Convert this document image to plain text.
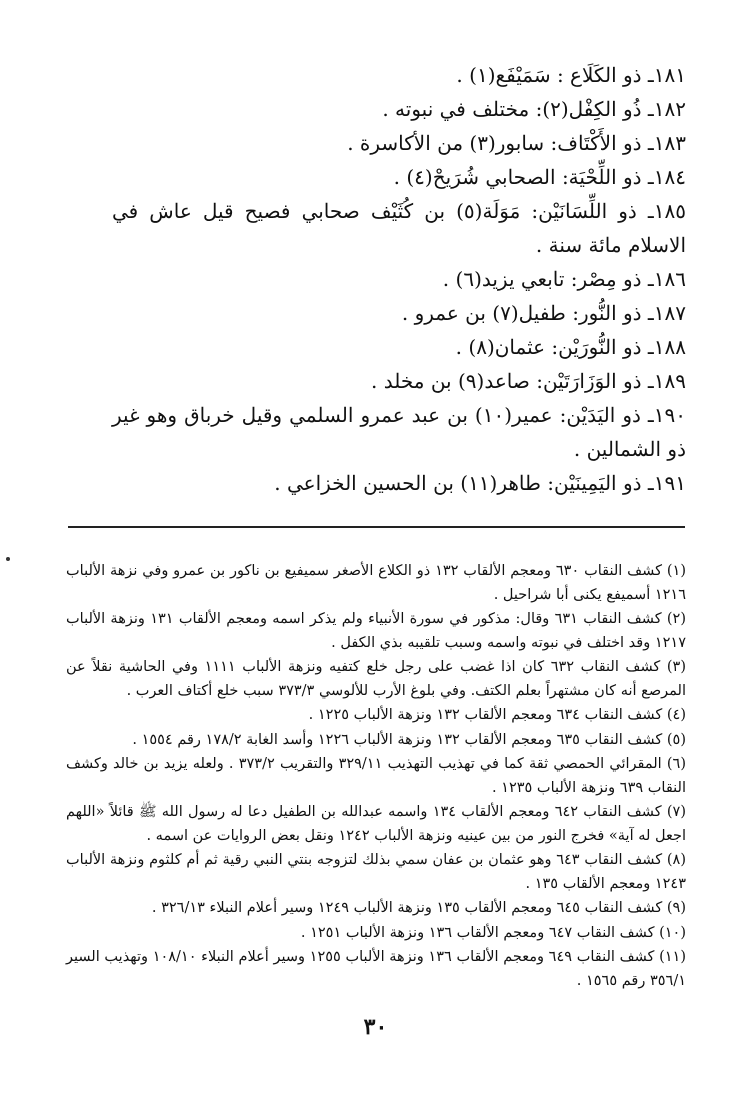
١٨١ـ ذو الكَلَاع : سَمَيْفَع(١) .

١٨٢ـ ذُو الكِفْل(٢): مختلف في نبوته .

١٨٣ـ ذو الأَكْتَاف: سابور(٣) من الأكاسرة .

١٨٤ـ ذو اللِّحْيَة: الصحابي شُرَيحْ(٤) .

١٨٥ـ ذو اللِّسَانَيْن: مَوَلَة(٥) بن كُثَيْف صحابي فصيح قيل عاش في الاسلام مائة سنة .

١٨٦ـ ذو مِصْر: تابعي يزيد(٦) .

١٨٧ـ ذو النُّور: طفيل(٧) بن عمرو .

١٨٨ـ ذو النُّورَيْن: عثمان(٨) .

١٨٩ـ ذو الوَزَارَتَيْن: صاعد(٩) بن مخلد .

١٩٠ـ ذو اليَدَيْن: عمير(١٠) بن عبد عمرو السلمي وقيل خرباق وهو غير ذو الشمالين .

١٩١ـ ذو اليَمِينَيْن: طاهر(١١) بن الحسين الخزاعي .

(١) كشف النقاب ٦٣٠ ومعجم الألقاب ١٣٢ ذو الكلاع الأصغر سميفيع بن ناكور بن عمرو وفي نزهة الألباب ١٢١٦ أسميفع يكنى أبا شراحيل .

(٢) كشف النقاب ٦٣١ وقال: مذكور في سورة الأنبياء ولم يذكر اسمه ومعجم الألقاب ١٣١ ونزهة الألباب ١٢١٧ وقد اختلف في نبوته واسمه وسبب تلقيبه بذي الكفل .

(٣) كشف النقاب ٦٣٢ كان اذا غضب على رجل خلع كتفيه ونزهة الألباب ١١١١ وفي الحاشية نقلاً عن المرصع أنه كان مشتهراً بعلم الكتف. وفي بلوغ الأرب للألوسي ٣٧٣/٣ سبب خلع أكتاف العرب .

(٤) كشف النقاب ٦٣٤ ومعجم الألقاب ١٣٢ ونزهة الألباب ١٢٢٥ .

(٥) كشف النقاب ٦٣٥ ومعجم الألقاب ١٣٢ ونزهة الألباب ١٢٢٦ وأسد الغابة ١٧٨/٢ رقم ١٥٥٤ .

(٦) المقرائي الحمصي ثقة كما في تهذيب التهذيب ٣٢٩/١١ والتقريب ٣٧٣/٢ . ولعله يزيد بن خالد وكشف النقاب ٦٣٩ ونزهة الألباب ١٢٣٥ .

(٧) كشف النقاب ٦٤٢ ومعجم الألقاب ١٣٤ واسمه عبدالله بن الطفيل دعا له رسول الله ﷺ قائلاً «اللهم اجعل له آية» فخرج النور من بين عينيه ونزهة الألباب ١٢٤٢ ونقل بعض الروايات عن اسمه .

(٨) كشف النقاب ٦٤٣ وهو عثمان بن عفان سمي بذلك لتزوجه بنتي النبي رقية ثم أم كلثوم ونزهة الألباب ١٢٤٣ ومعجم الألقاب ١٣٥ .

(٩) كشف النقاب ٦٤٥ ومعجم الألقاب ١٣٥ ونزهة الألباب ١٢٤٩ وسير أعلام النبلاء ٣٢٦/١٣ .

(١٠) كشف النقاب ٦٤٧ ومعجم الألقاب ١٣٦ ونزهة الألباب ١٢٥١ .

(١١) كشف النقاب ٦٤٩ ومعجم الألقاب ١٣٦ ونزهة الألباب ١٢٥٥ وسير أعلام النبلاء ١٠٨/١٠ وتهذيب السير ٣٥٦/١ رقم ١٥٦٥ .

٣٠
